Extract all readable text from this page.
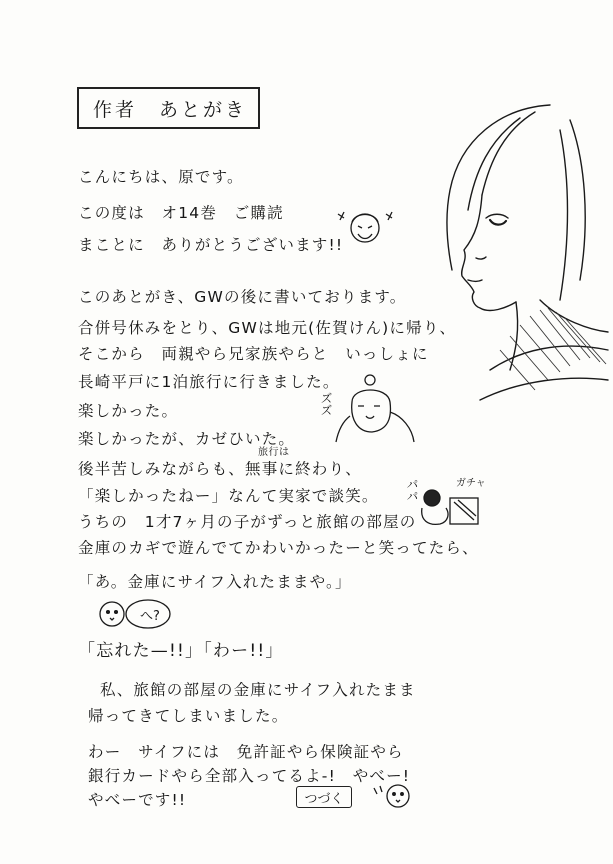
作者　あとがき
こんにちは、原です。
この度は　オ14巻　ご購読
まことに　ありがとうございます!!
このあとがき、GWの後に書いております。
合併号休みをとり、GWは地元(佐賀けん)に帰り、
そこから　両親やら兄家族やらと　いっしょに
長崎平戸に1泊旅行に行きました。
楽しかった。
楽しかったが、カゼひいた。
旅行は
後半苦しみながらも、無事に終わり、
「楽しかったねー」なんて実家で談笑。
うちの　1才7ヶ月の子がずっと旅館の部屋の
金庫のカギで遊んでてかわいかったーと笑ってたら、
「あ。金庫にサイフ入れたままや。」
「忘れた—!!」「わー!!」
私、旅館の部屋の金庫にサイフ入れたまま
帰ってきてしまいました。
わー　サイフには　免許証やら保険証やら
銀行カードやら全部入ってるよ-!　やべー!
やべーです!!	つづく
ズズ
パパ	ガチャ
へ?
